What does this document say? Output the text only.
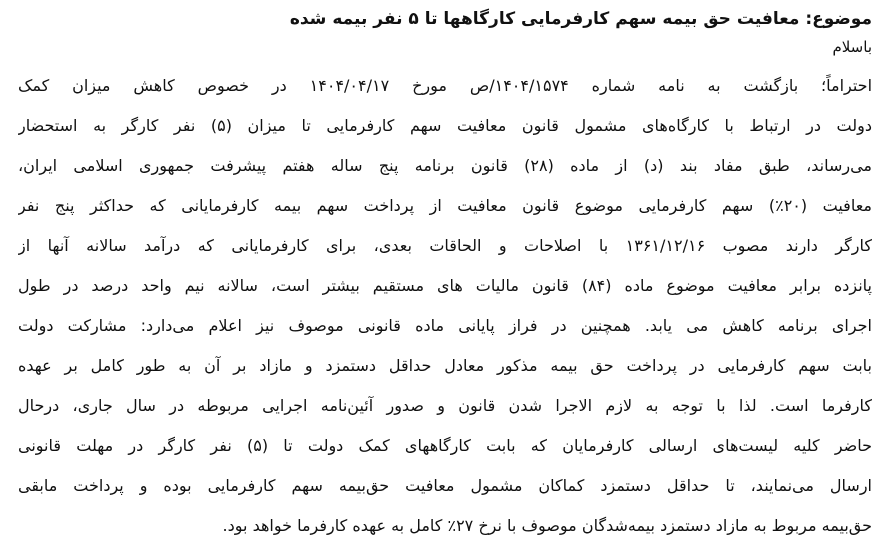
موضوع: معافیت حق بیمه سهم کارفرمایی کارگاهها تا ۵ نفر بیمه شده
باسلام
احتراماً؛ بازگشت به نامه شماره ۱۴۰۴/۱۵۷۴/ص مورخ ۱۴۰۴/۰۴/۱۷ در خصوص کاهش میزان کمک
دولت در ارتباط با کارگاه‌های مشمول قانون معافیت سهم کارفرمایی تا میزان (۵) نفر کارگر به استحضار
می‌رساند، طبق مفاد بند (د) از ماده (۲۸) قانون برنامه پنج ساله هفتم پیشرفت جمهوری اسلامی ایران،
معافیت (۲۰٪) سهم کارفرمایی موضوع قانون معافیت از پرداخت سهم بیمه کارفرمایانی که حداکثر پنج نفر
کارگر دارند مصوب ۱۳۶۱/۱۲/۱۶ با اصلاحات و الحاقات بعدی، برای کارفرمایانی که درآمد سالانه آنها از
پانزده برابر معافیت موضوع ماده (۸۴) قانون مالیات های مستقیم بیشتر است، سالانه نیم واحد درصد در طول
اجرای برنامه کاهش می یابد. همچنین در فراز پایانی ماده قانونی موصوف نیز اعلام می‌دارد: مشارکت دولت
بابت سهم کارفرمایی در پرداخت حق بیمه مذکور معادل حداقل دستمزد و مازاد بر آن به طور کامل بر عهده
کارفرما است. لذا با توجه به لازم الاجرا شدن قانون و صدور آئین‌نامه اجرایی مربوطه در سال جاری، درحال
حاضر کلیه لیست‌های ارسالی کارفرمایان که بابت کارگاههای کمک دولت تا (۵) نفر کارگر در مهلت قانونی
ارسال می‌نمایند، تا حداقل دستمزد کماکان مشمول معافیت حق‌بیمه سهم کارفرمایی بوده و پرداخت مابقی
حق‌بیمه مربوط به مازاد دستمزد بیمه‌شدگان موصوف با نرخ ۲۷٪ کامل به عهده کارفرما خواهد بود.
